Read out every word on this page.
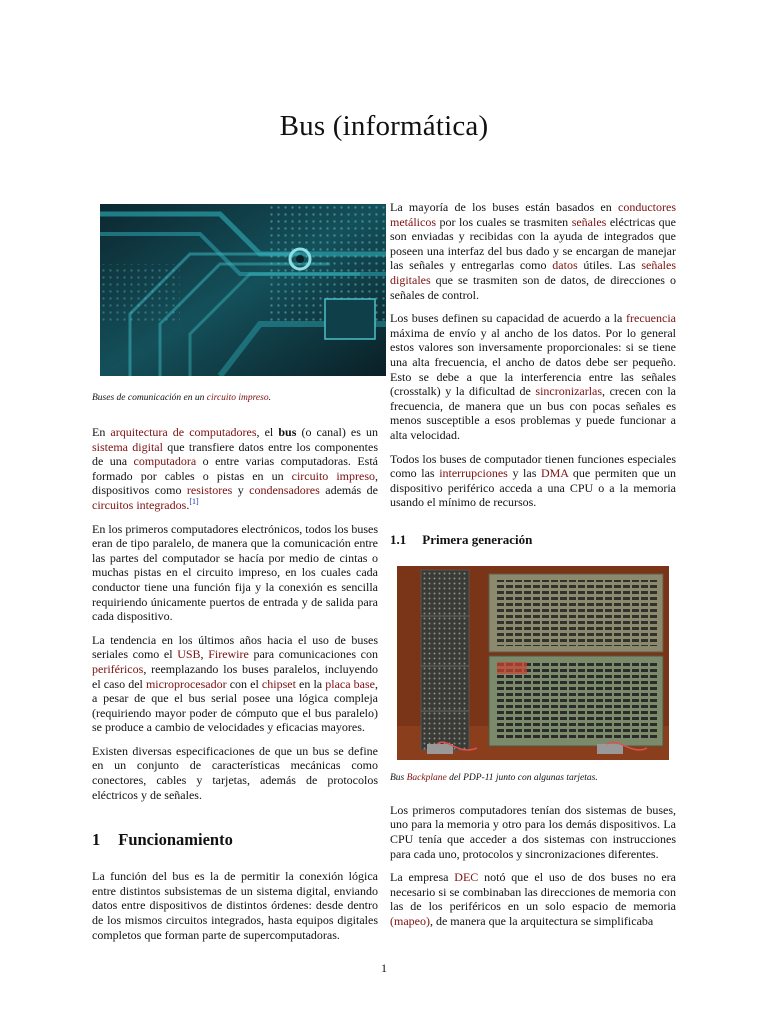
Bus (informática)

Buses de comunicación en un circuito impreso.

En arquitectura de computadores, el bus (o canal) es un sistema digital que transfiere datos entre los componentes de una computadora o entre varias computadoras. Está formado por cables o pistas en un circuito impreso, dispositivos como resistores y condensadores además de circuitos integrados.[1]

En los primeros computadores electrónicos, todos los buses eran de tipo paralelo, de manera que la comunicación entre las partes del computador se hacía por medio de cintas o muchas pistas en el circuito impreso, en los cuales cada conductor tiene una función fija y la conexión es sencilla requiriendo únicamente puertos de entrada y de salida para cada dispositivo.

La tendencia en los últimos años hacia el uso de buses seriales como el USB, Firewire para comunicaciones con periféricos, reemplazando los buses paralelos, incluyendo el caso del microprocesador con el chipset en la placa base, a pesar de que el bus serial posee una lógica compleja (requiriendo mayor poder de cómputo que el bus paralelo) se produce a cambio de velocidades y eficacias mayores.

Existen diversas especificaciones de que un bus se define en un conjunto de características mecánicas como conectores, cables y tarjetas, además de protocolos eléctricos y de señales.

1 Funcionamiento

La función del bus es la de permitir la conexión lógica entre distintos subsistemas de un sistema digital, enviando datos entre dispositivos de distintos órdenes: desde dentro de los mismos circuitos integrados, hasta equipos digitales completos que forman parte de supercomputadoras.

La mayoría de los buses están basados en conductores metálicos por los cuales se trasmiten señales eléctricas que son enviadas y recibidas con la ayuda de integrados que poseen una interfaz del bus dado y se encargan de manejar las señales y entregarlas como datos útiles. Las señales digitales que se trasmiten son de datos, de direcciones o señales de control.

Los buses definen su capacidad de acuerdo a la frecuencia máxima de envío y al ancho de los datos. Por lo general estos valores son inversamente proporcionales: si se tiene una alta frecuencia, el ancho de datos debe ser pequeño. Esto se debe a que la interferencia entre las señales (crosstalk) y la dificultad de sincronizarlas, crecen con la frecuencia, de manera que un bus con pocas señales es menos susceptible a esos problemas y puede funcionar a alta velocidad.

Todos los buses de computador tienen funciones especiales como las interrupciones y las DMA que permiten que un dispositivo periférico acceda a una CPU o a la memoria usando el mínimo de recursos.

1.1 Primera generación

Bus Backplane del PDP-11 junto con algunas tarjetas.

Los primeros computadores tenían dos sistemas de buses, uno para la memoria y otro para los demás dispositivos. La CPU tenía que acceder a dos sistemas con instrucciones para cada uno, protocolos y sincronizaciones diferentes.

La empresa DEC notó que el uso de dos buses no era necesario si se combinaban las direcciones de memoria con las de los periféricos en un solo espacio de memoria (mapeo), de manera que la arquitectura se simplificaba

1
